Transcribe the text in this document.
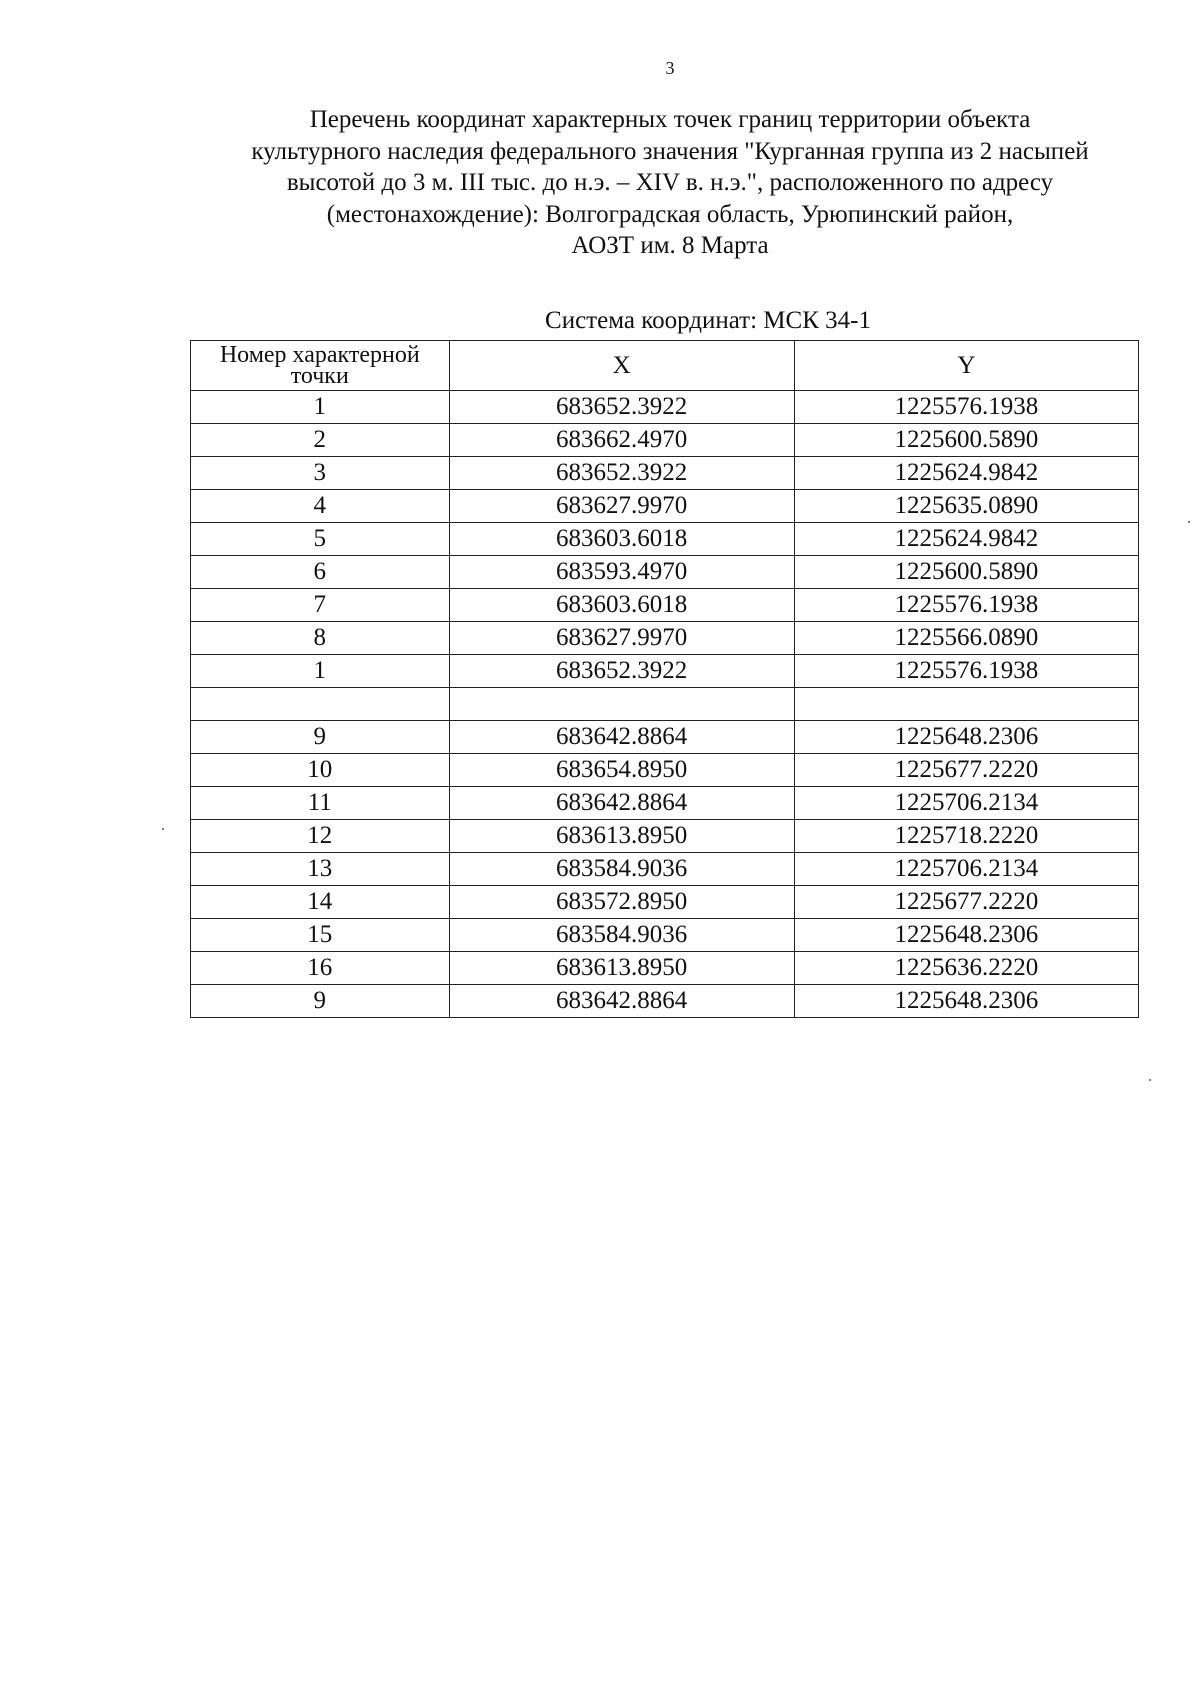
3
Перечень координат характерных точек границ территории объекта
культурного наследия федерального значения "Курганная группа из 2 насыпей
высотой до 3 м. III тыс. до н.э. – XIV в. н.э.", расположенного по адресу
(местонахождение): Волгоградская область, Урюпинский район,
АОЗТ им. 8 Марта
Система координат: МСК 34-1
Номер характерной точки	X	Y
1	683652.3922	1225576.1938
2	683662.4970	1225600.5890
3	683652.3922	1225624.9842
4	683627.9970	1225635.0890
5	683603.6018	1225624.9842
6	683593.4970	1225600.5890
7	683603.6018	1225576.1938
8	683627.9970	1225566.0890
1	683652.3922	1225576.1938

9	683642.8864	1225648.2306
10	683654.8950	1225677.2220
11	683642.8864	1225706.2134
12	683613.8950	1225718.2220
13	683584.9036	1225706.2134
14	683572.8950	1225677.2220
15	683584.9036	1225648.2306
16	683613.8950	1225636.2220
9	683642.8864	1225648.2306
